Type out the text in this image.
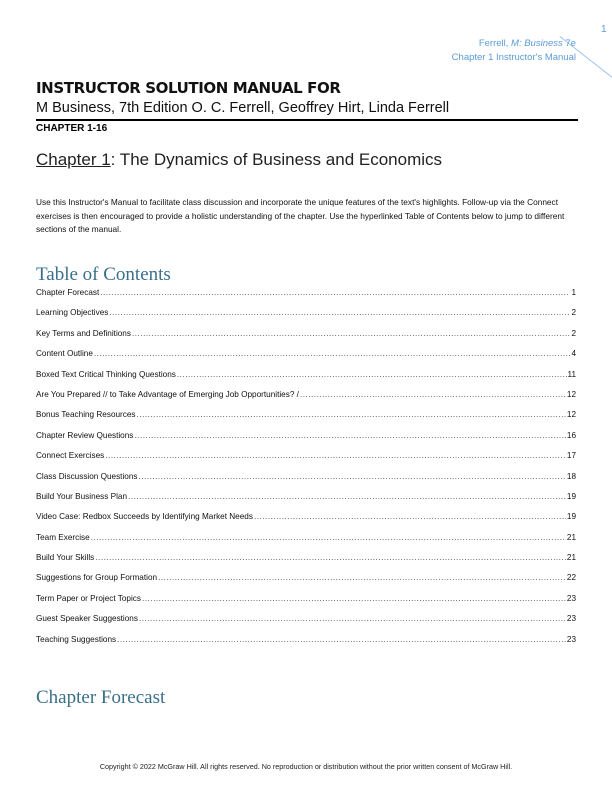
1
Ferrell, M: Business 7e
Chapter 1 Instructor's Manual
INSTRUCTOR SOLUTION MANUAL FOR
M Business, 7th Edition O. C. Ferrell, Geoffrey Hirt, Linda Ferrell
CHAPTER 1-16
Chapter 1: The Dynamics of Business and Economics
Use this Instructor's Manual to facilitate class discussion and incorporate the unique features of the text's highlights. Follow-up via the Connect exercises is then encouraged to provide a holistic understanding of the chapter. Use the hyperlinked Table of Contents below to jump to different sections of the manual.
Table of Contents
Chapter Forecast .....	1
Learning Objectives .....	2
Key Terms and Definitions .....	2
Content Outline .....	4
Boxed Text Critical Thinking Questions .....	11
Are You Prepared // to Take Advantage of Emerging Job Opportunities? / .....	12
Bonus Teaching Resources .....	12
Chapter Review Questions .....	16
Connect Exercises .....	17
Class Discussion Questions .....	18
Build Your Business Plan .....	19
Video Case: Redbox Succeeds by Identifying Market Needs .....	19
Team Exercise .....	21
Build Your Skills .....	21
Suggestions for Group Formation .....	22
Term Paper or Project Topics .....	23
Guest Speaker Suggestions .....	23
Teaching Suggestions .....	23
Chapter Forecast
Copyright © 2022 McGraw Hill. All rights reserved. No reproduction or distribution without the prior written consent of McGraw Hill.
